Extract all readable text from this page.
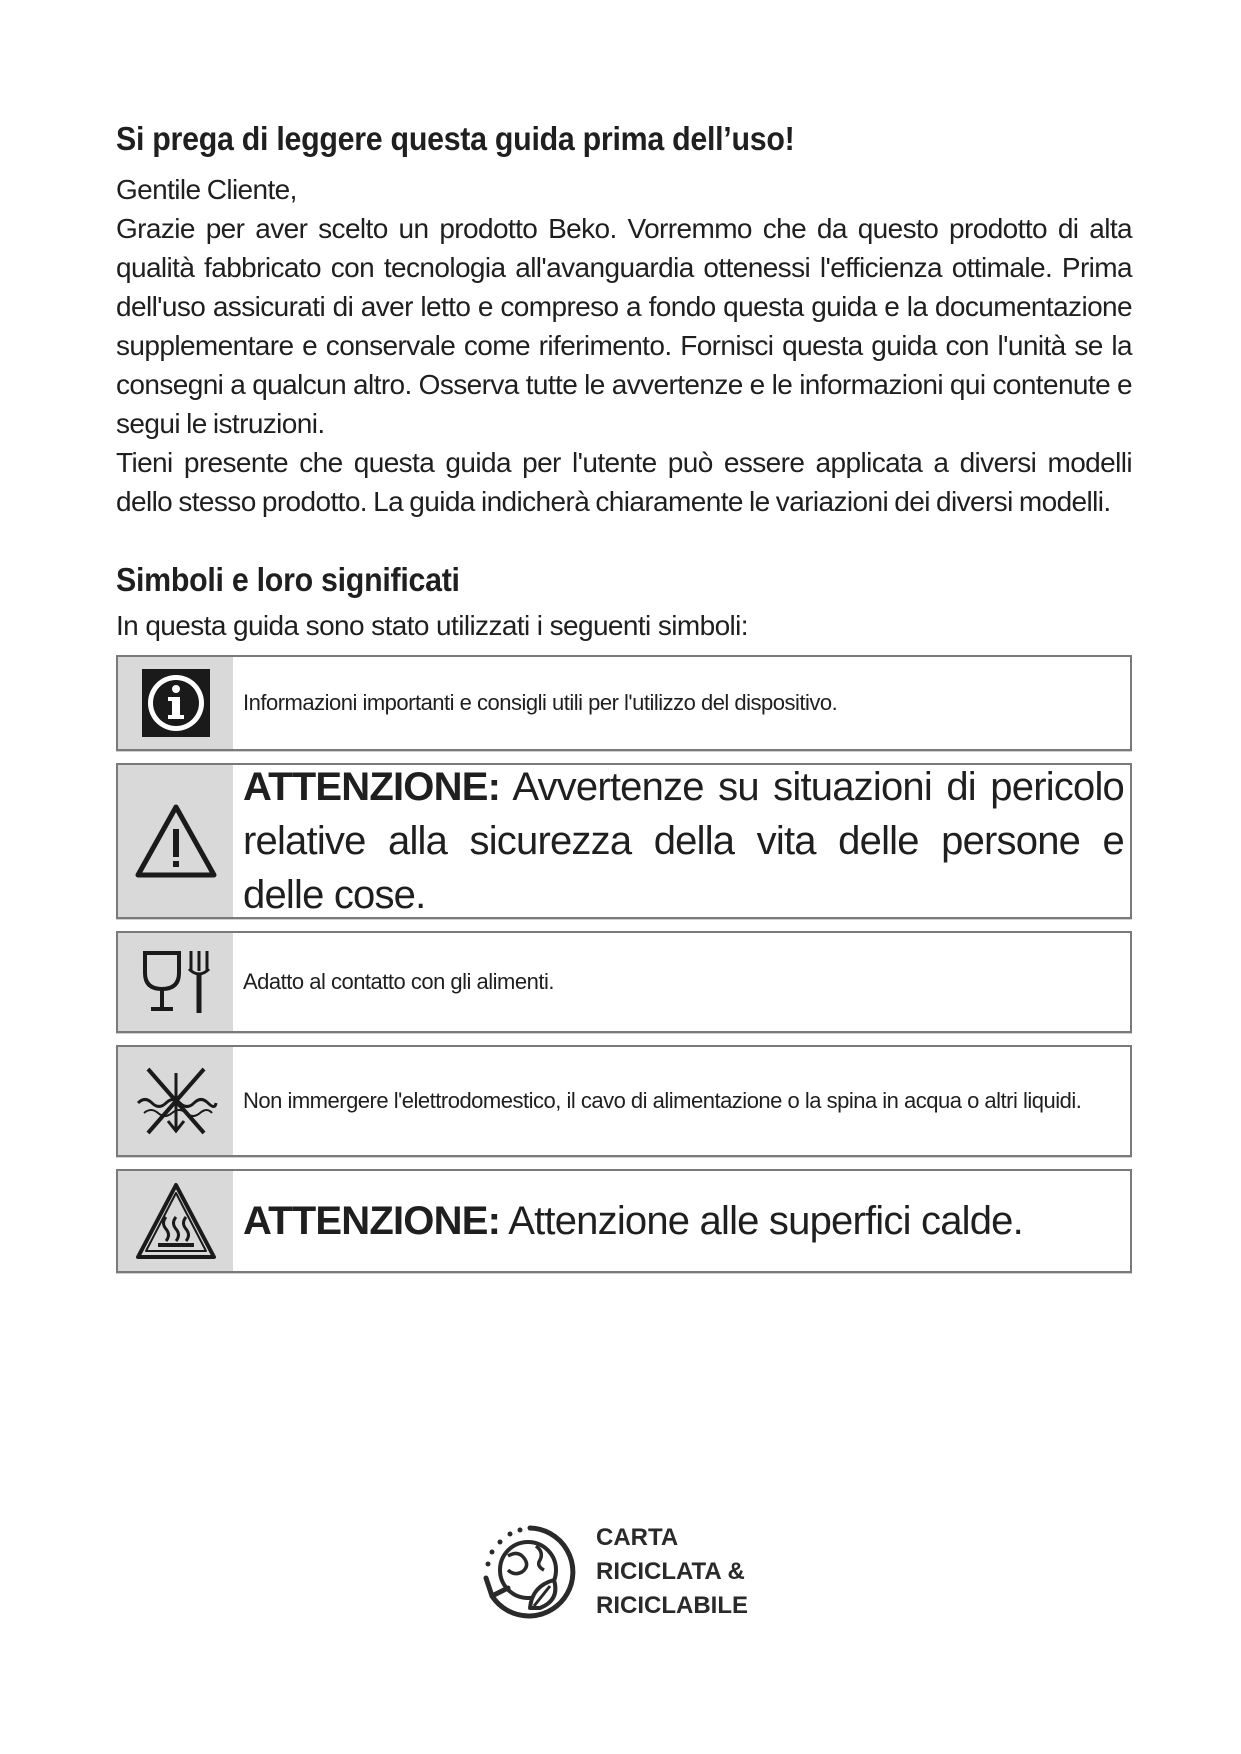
Si prega di leggere questa guida prima dell’uso!

Gentile Cliente,

Grazie per aver scelto un prodotto Beko. Vorremmo che da questo prodotto di alta qualità fabbricato con tecnologia all'avanguardia ottenessi l'efficienza ottimale. Prima dell'uso assicurati di aver letto e compreso a fondo questa guida e la documentazione supplementare e conservale come riferimento. Fornisci questa guida con l'unità se la consegni a qualcun altro. Osserva tutte le avvertenze e le informazioni qui contenute e segui le istruzioni.

Tieni presente che questa guida per l'utente può essere applicata a diversi modelli dello stesso prodotto. La guida indicherà chiaramente le variazioni dei diversi modelli.

Simboli e loro significati

In questa guida sono stato utilizzati i seguenti simboli:

Informazioni importanti e consigli utili per l'utilizzo del dispositivo.

ATTENZIONE: Avvertenze su situazioni di pericolo relative alla sicurezza della vita delle persone e delle cose.

Adatto al contatto con gli alimenti.

Non immergere l'elettrodomestico, il cavo di alimentazione o la spina in acqua o altri liquidi.

ATTENZIONE: Attenzione alle superfici calde.

CARTA
RICICLATA &
RICICLABILE
